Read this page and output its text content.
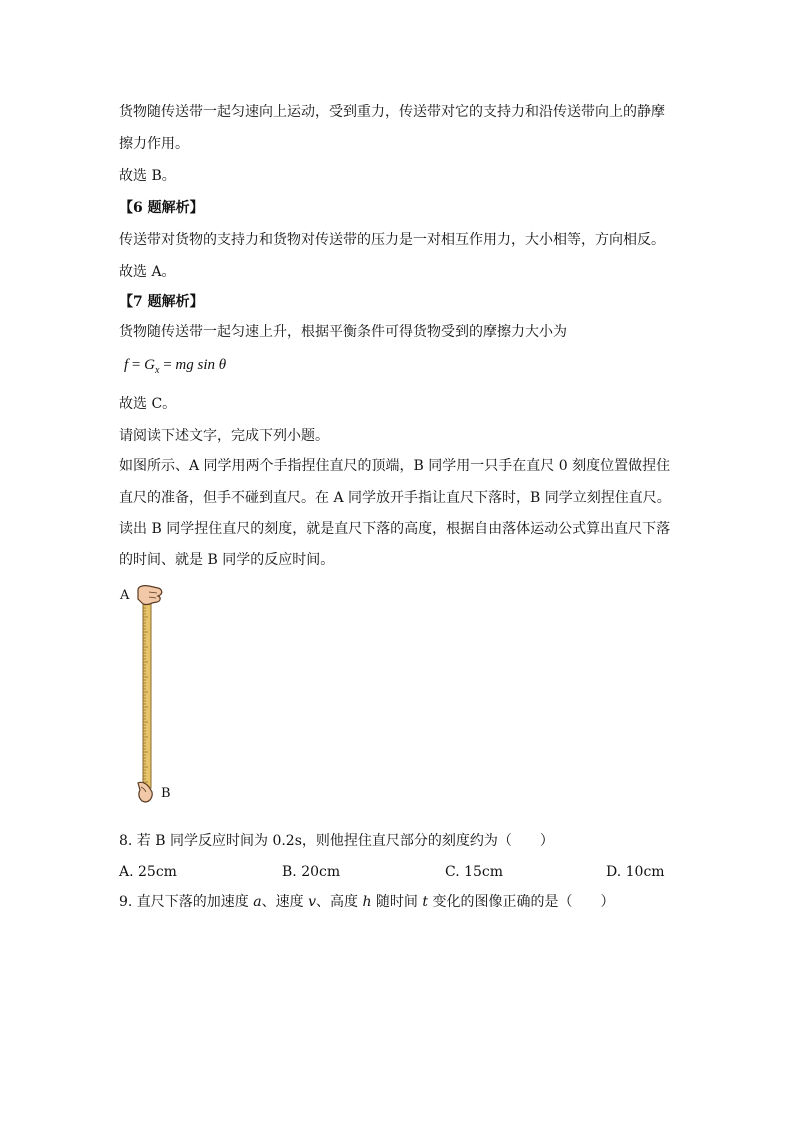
货物随传送带一起匀速向上运动，受到重力，传送带对它的支持力和沿传送带向上的静摩
擦力作用。
故选 B。
【6 题解析】
传送带对货物的支持力和货物对传送带的压力是一对相互作用力，大小相等，方向相反。
故选 A。
【7 题解析】
货物随传送带一起匀速上升，根据平衡条件可得货物受到的摩擦力大小为
$f = G_x$ = mg sin θ
故选 C。
请阅读下述文字，完成下列小题。
如图所示、A 同学用两个手指捏住直尺的顶端，B 同学用一只手在直尺 0 刻度位置做捏住
直尺的准备，但手不碰到直尺。在 A 同学放开手指让直尺下落时，B 同学立刻捏住直尺。
读出 B 同学捏住直尺的刻度，就是直尺下落的高度，根据自由落体运动公式算出直尺下落
的时间、就是 B 同学的反应时间。
A
B
8. 若 B 同学反应时间为 0.2s，则他捏住直尺部分的刻度约为（　　）
A. 25cm	B. 20cm	C. 15cm	D. 10cm
9. 直尺下落的加速度 a、速度 v、高度 h 随时间 t 变化的图像正确的是（　　）
